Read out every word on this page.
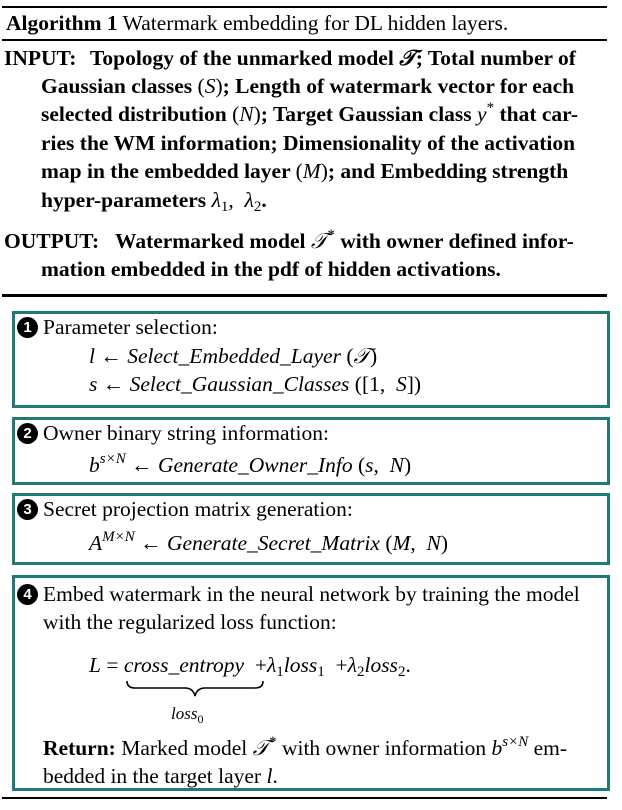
Algorithm 1 Watermark embedding for DL hidden layers.
INPUT: Topology of the unmarked model 𝒯; Total number of
Gaussian classes (S); Length of watermark vector for each
selected distribution (N); Target Gaussian class y* that car-
ries the WM information; Dimensionality of the activation
map in the embedded layer (M); and Embedding strength
hyper-parameters $\lambda_1$,  $\lambda_2$.
OUTPUT: Watermarked model 𝒯* with owner defined infor-
mation embedded in the pdf of hidden activations.
1 Parameter selection:
l ← Select_Embedded_Layer (𝒯)
s ← Select_Gaussian_Classes ([1,  S])
2 Owner binary string information:
$b^{s\times N}$ ← Generate_Owner_Info (s,  N)
3 Secret projection matrix generation:
$A^{M\times N}$ ← Generate_Secret_Matrix (M,  N)
4 Embed watermark in the neural network by training the model
with the regularized loss function:
L = cross_entropy  $+\lambda_1loss_1$  $+\lambda_2loss_2$.
loss$_0$
Return: Marked model 𝒯* with owner information $b^{s\times N}$ em-
bedded in the target layer l.
